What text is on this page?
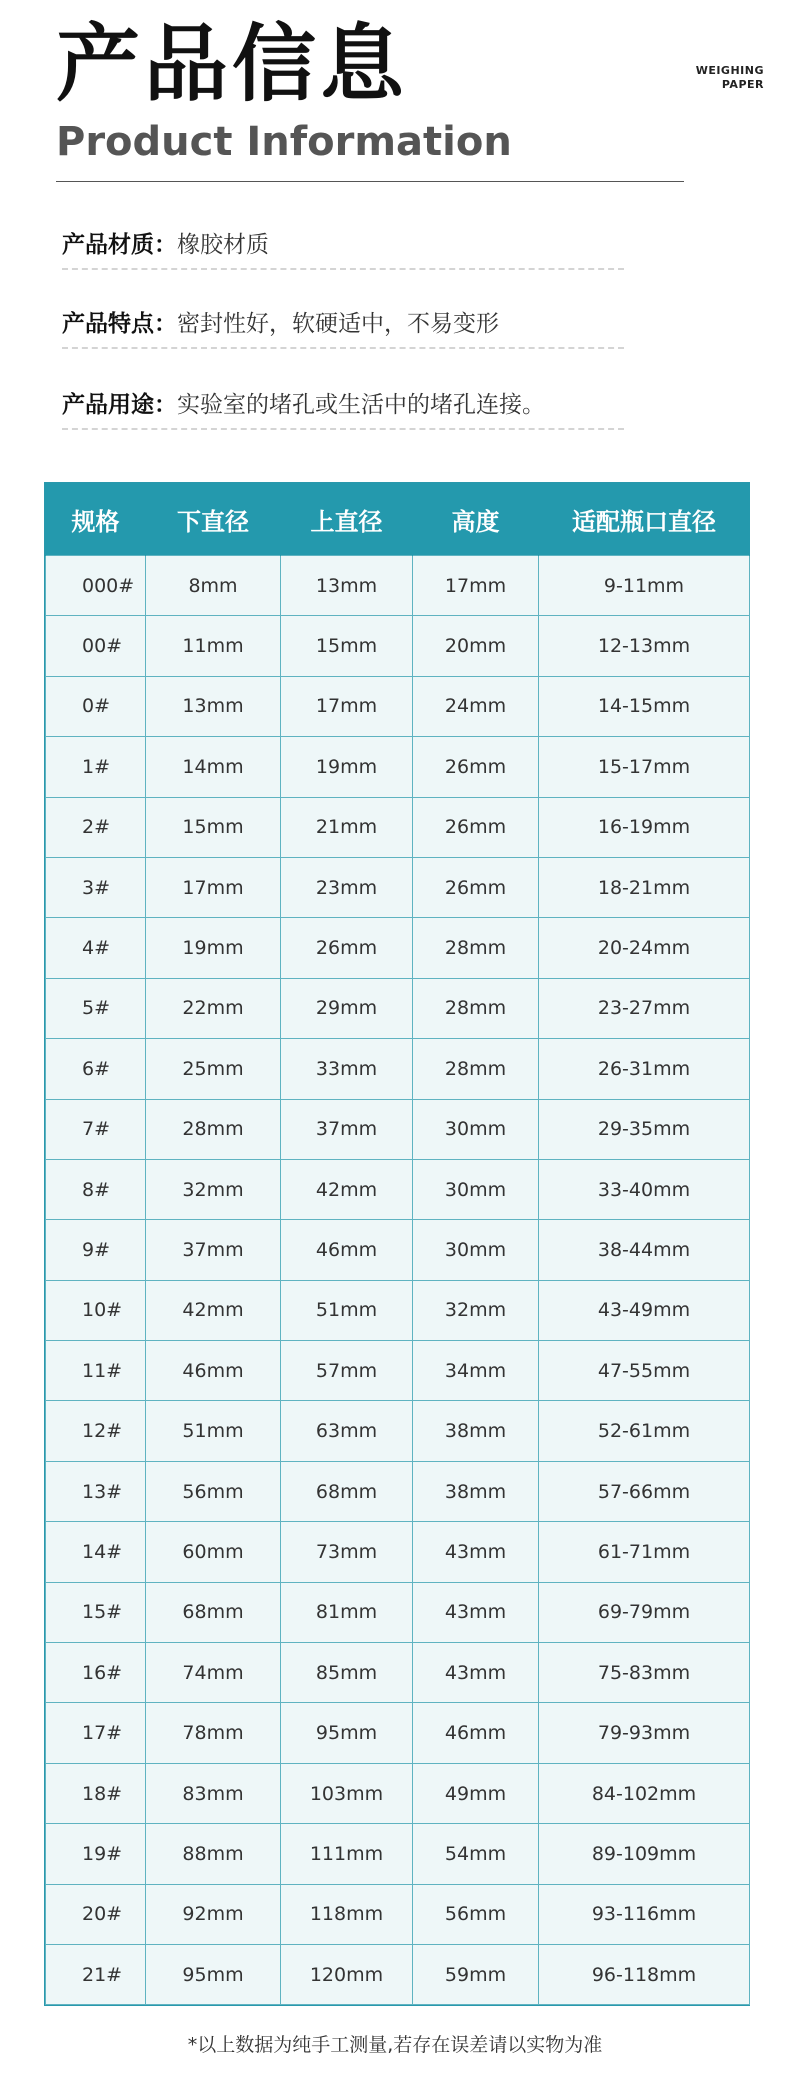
产品信息
Product Information
WEIGHING
PAPER
产品材质：橡胶材质
产品特点：密封性好，软硬适中，不易变形
产品用途：实验室的堵孔或生活中的堵孔连接。
规格	下直径	上直径	高度	适配瓶口直径
000#	8mm	13mm	17mm	9-11mm
00#	11mm	15mm	20mm	12-13mm
0#	13mm	17mm	24mm	14-15mm
1#	14mm	19mm	26mm	15-17mm
2#	15mm	21mm	26mm	16-19mm
3#	17mm	23mm	26mm	18-21mm
4#	19mm	26mm	28mm	20-24mm
5#	22mm	29mm	28mm	23-27mm
6#	25mm	33mm	28mm	26-31mm
7#	28mm	37mm	30mm	29-35mm
8#	32mm	42mm	30mm	33-40mm
9#	37mm	46mm	30mm	38-44mm
10#	42mm	51mm	32mm	43-49mm
11#	46mm	57mm	34mm	47-55mm
12#	51mm	63mm	38mm	52-61mm
13#	56mm	68mm	38mm	57-66mm
14#	60mm	73mm	43mm	61-71mm
15#	68mm	81mm	43mm	69-79mm
16#	74mm	85mm	43mm	75-83mm
17#	78mm	95mm	46mm	79-93mm
18#	83mm	103mm	49mm	84-102mm
19#	88mm	111mm	54mm	89-109mm
20#	92mm	118mm	56mm	93-116mm
21#	95mm	120mm	59mm	96-118mm
*以上数据为纯手工测量,若存在误差请以实物为准
